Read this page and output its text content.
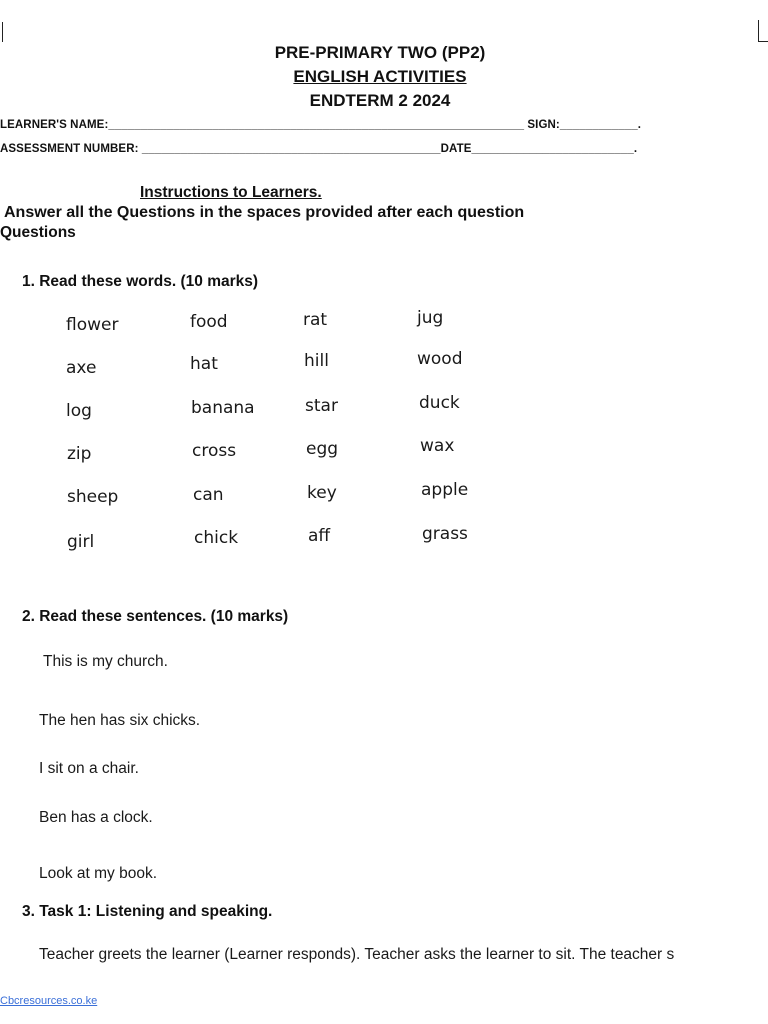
PRE-PRIMARY TWO (PP2)
ENGLISH ACTIVITIES
ENDTERM 2 2024
LEARNER'S NAME:________________________________________________________________ SIGN:____________.
ASSESSMENT NUMBER: ______________________________________________DATE_________________________.
Instructions to Learners.
Answer all the Questions in the spaces provided after each question
Questions
1. Read these words. (10 marks)
flower	food	rat	jug
axe	hat	hill	wood
log	banana	star	duck
zip	cross	egg	wax
sheep	can	key	apple
girl	chick	aff	grass
2. Read these sentences. (10 marks)
This is my church.
The hen has six chicks.
I sit on a chair.
Ben has a clock.
Look at my book.
3. Task 1: Listening and speaking.
Teacher greets the learner (Learner responds). Teacher asks the learner to sit. The teacher s
Cbcresources.co.ke
